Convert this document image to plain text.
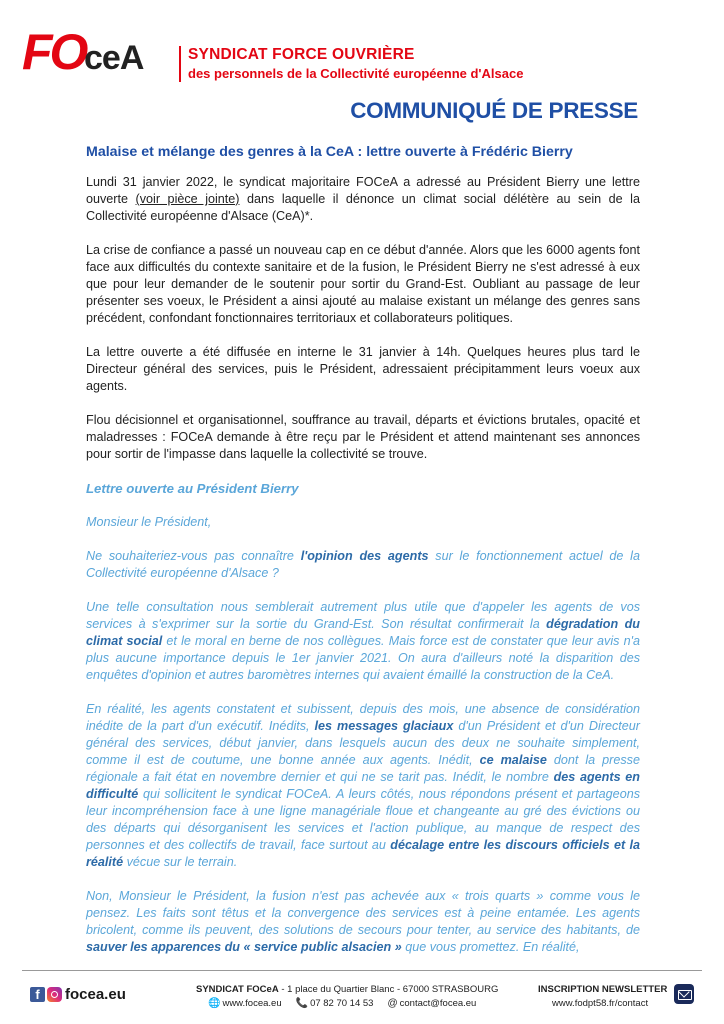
FO
ceA	SYNDICAT FORCE OUVRIÈRE
des personnels de la Collectivité européenne d'Alsace
COMMUNIQUÉ DE PRESSE
Malaise et mélange des genres à la CeA : lettre ouverte à Frédéric Bierry

Lundi 31 janvier 2022, le syndicat majoritaire FOCeA a adressé au Président Bierry une lettre ouverte (voir pièce jointe) dans laquelle il dénonce un climat social délétère au sein de la Collectivité européenne d'Alsace (CeA)*.

La crise de confiance a passé un nouveau cap en ce début d'année. Alors que les 6000 agents font face aux difficultés du contexte sanitaire et de la fusion, le Président Bierry ne s'est adressé à eux que pour leur demander de le soutenir pour sortir du Grand-Est. Oubliant au passage de leur présenter ses voeux, le Président a ainsi ajouté au malaise existant un mélange des genres sans précédent, confondant fonctionnaires territoriaux et collaborateurs politiques.

La lettre ouverte a été diffusée en interne le 31 janvier à 14h. Quelques heures plus tard le Directeur général des services, puis le Président, adressaient précipitamment leurs voeux aux agents.

Flou décisionnel et organisationnel, souffrance au travail, départs et évictions brutales, opacité et maladresses : FOCeA demande à être reçu par le Président et attend maintenant ses annonces pour sortir de l'impasse dans laquelle la collectivité se trouve.

Lettre ouverte au Président Bierry

Monsieur le Président,

Ne souhaiteriez-vous pas connaître l'opinion des agents sur le fonctionnement actuel de la Collectivité européenne d'Alsace ?

Une telle consultation nous semblerait autrement plus utile que d'appeler les agents de vos services à s'exprimer sur la sortie du Grand-Est. Son résultat confirmerait la dégradation du climat social et le moral en berne de nos collègues. Mais force est de constater que leur avis n'a plus aucune importance depuis le 1er janvier 2021. On aura d'ailleurs noté la disparition des enquêtes d'opinion et autres baromètres internes qui avaient émaillé la construction de la CeA.

En réalité, les agents constatent et subissent, depuis des mois, une absence de considération inédite de la part d'un exécutif. Inédits, les messages glaciaux d'un Président et d'un Directeur général des services, début janvier, dans lesquels aucun des deux ne souhaite simplement, comme il est de coutume, une bonne année aux agents. Inédit, ce malaise dont la presse régionale a fait état en novembre dernier et qui ne se tarit pas. Inédit, le nombre des agents en difficulté qui sollicitent le syndicat FOCeA. A leurs côtés, nous répondons présent et partageons leur incompréhension face à une ligne managériale floue et changeante au gré des évictions ou des départs qui désorganisent les services et l'action publique, au manque de respect des personnes et des collectifs de travail, face surtout au décalage entre les discours officiels et la réalité vécue sur le terrain.

Non, Monsieur le Président, la fusion n'est pas achevée aux « trois quarts » comme vous le pensez. Les faits sont têtus et la convergence des services est à peine entamée. Les agents bricolent, comme ils peuvent, des solutions de secours pour tenter, au service des habitants, de sauver les apparences du « service public alsacien » que vous promettez. En réalité,

f	focea.eu	SYNDICAT FOCeA - 1 place du Quartier Blanc - 67000 STRASBOURG
🌐 www.focea.eu 📞 07 82 70 14 53 @ contact@focea.eu
INSCRIPTION NEWSLETTER
www.fodpt58.fr/contact
